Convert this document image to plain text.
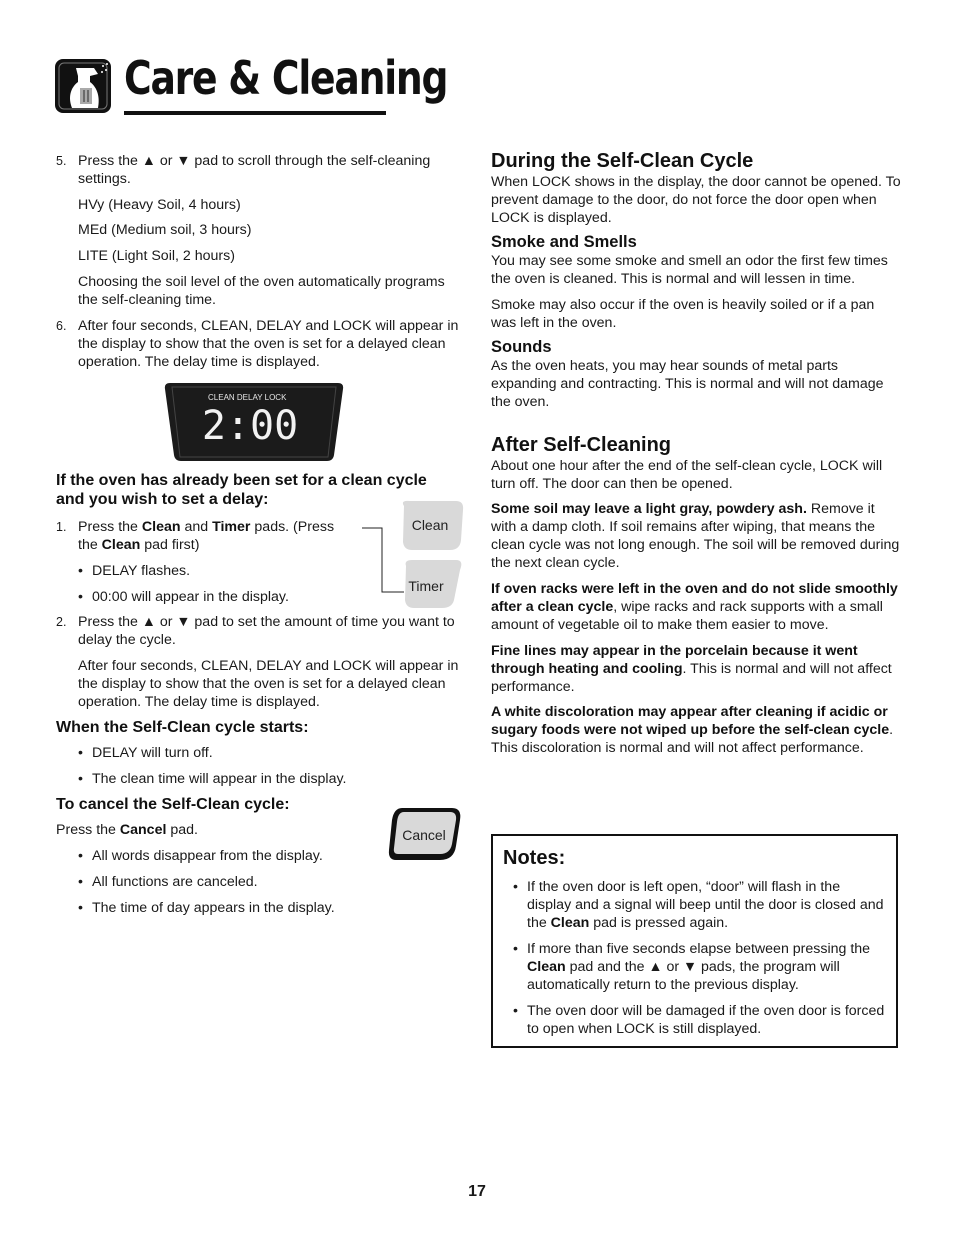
Care & Cleaning
5. Press the ▲ or ▼ pad to scroll through the self-cleaning settings.

HVy (Heavy Soil, 4 hours)

MEd (Medium soil, 3 hours)

LITE (Light Soil, 2 hours)

Choosing the soil level of the oven automatically programs the self-cleaning time.

6. After four seconds, CLEAN, DELAY and LOCK will appear in the display to show that the oven is set for a delayed clean operation. The delay time is displayed.

CLEAN DELAY LOCK
2:00

If the oven has already been set for a clean cycle and you wish to set a delay:

1. Press the Clean and Timer pads. (Press the Clean pad first)

• DELAY flashes.

• 00:00 will appear in the display.

2. Press the ▲ or ▼ pad to set the amount of time you want to delay the cycle.

After four seconds, CLEAN, DELAY and LOCK will appear in the display to show that the oven is set for a delayed clean operation. The delay time is displayed.

When the Self-Clean cycle starts:

• DELAY will turn off.

• The clean time will appear in the display.

To cancel the Self-Clean cycle:

Press the Cancel pad.

• All words disappear from the display.

• All functions are canceled.

• The time of day appears in the display.

Clean
Timer
Cancel
During the Self-Clean Cycle

When LOCK shows in the display, the door cannot be opened. To prevent damage to the door, do not force the door open when LOCK is displayed.

Smoke and Smells

You may see some smoke and smell an odor the first few times the oven is cleaned. This is normal and will lessen in time.

Smoke may also occur if the oven is heavily soiled or if a pan was left in the oven.

Sounds

As the oven heats, you may hear sounds of metal parts expanding and contracting. This is normal and will not damage the oven.

After Self-Cleaning

About one hour after the end of the self-clean cycle, LOCK will turn off. The door can then be opened.

Some soil may leave a light gray, powdery ash. Remove it with a damp cloth. If soil remains after wiping, that means the clean cycle was not long enough. The soil will be removed during the next clean cycle.

If oven racks were left in the oven and do not slide smoothly after a clean cycle, wipe racks and rack supports with a small amount of vegetable oil to make them easier to move.

Fine lines may appear in the porcelain because it went through heating and cooling. This is normal and will not affect performance.

A white discoloration may appear after cleaning if acidic or sugary foods were not wiped up before the self-clean cycle. This discoloration is normal and will not affect performance.

Notes:

• If the oven door is left open, “door” will flash in the display and a signal will beep until the door is closed and the Clean pad is pressed again.

• If more than five seconds elapse between pressing the Clean pad and the ▲ or ▼ pads, the program will automatically return to the previous display.

• The oven door will be damaged if the oven door is forced to open when LOCK is still displayed.

17
